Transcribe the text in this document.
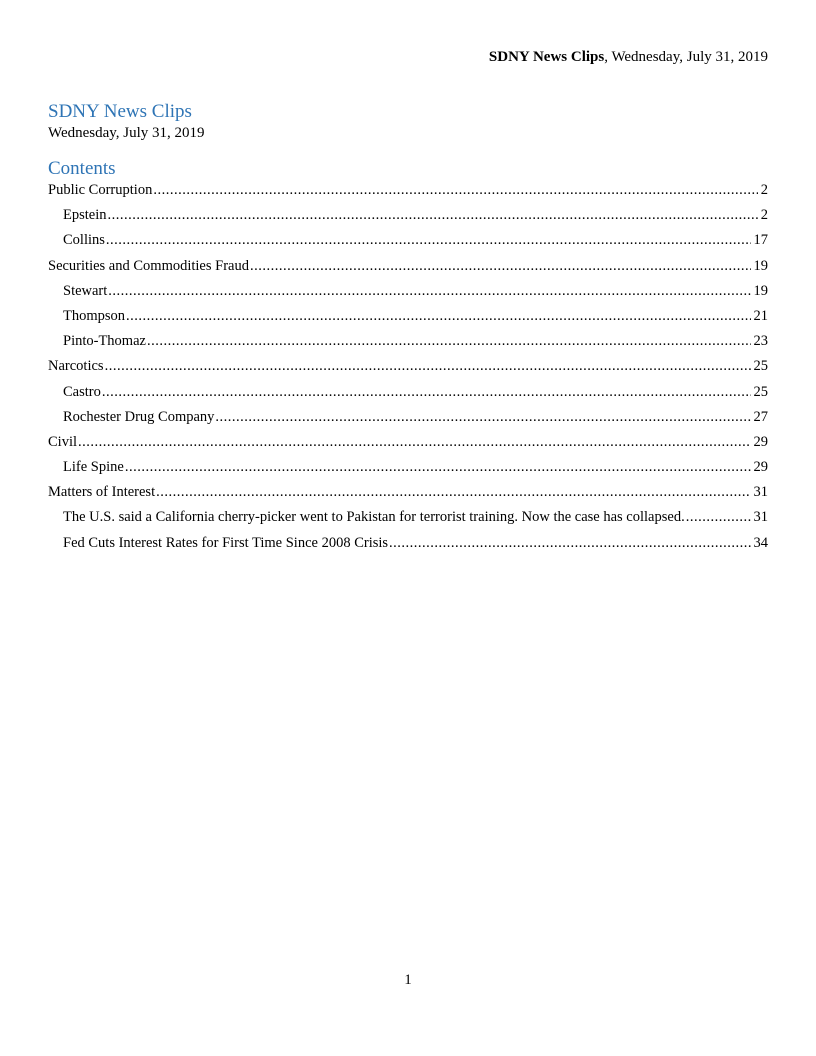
SDNY News Clips, Wednesday, July 31, 2019
SDNY News Clips
Wednesday, July 31, 2019
Contents
Public Corruption .....	2
Epstein .....	2
Collins .....	17
Securities and Commodities Fraud .....	19
Stewart .....	19
Thompson .....	21
Pinto-Thomaz .....	23
Narcotics .....	25
Castro .....	25
Rochester Drug Company .....	27
Civil .....	29
Life Spine .....	29
Matters of Interest .....	31
The U.S. said a California cherry-picker went to Pakistan for terrorist training. Now the case has collapsed. .....	31
Fed Cuts Interest Rates for First Time Since 2008 Crisis .....	34
1
